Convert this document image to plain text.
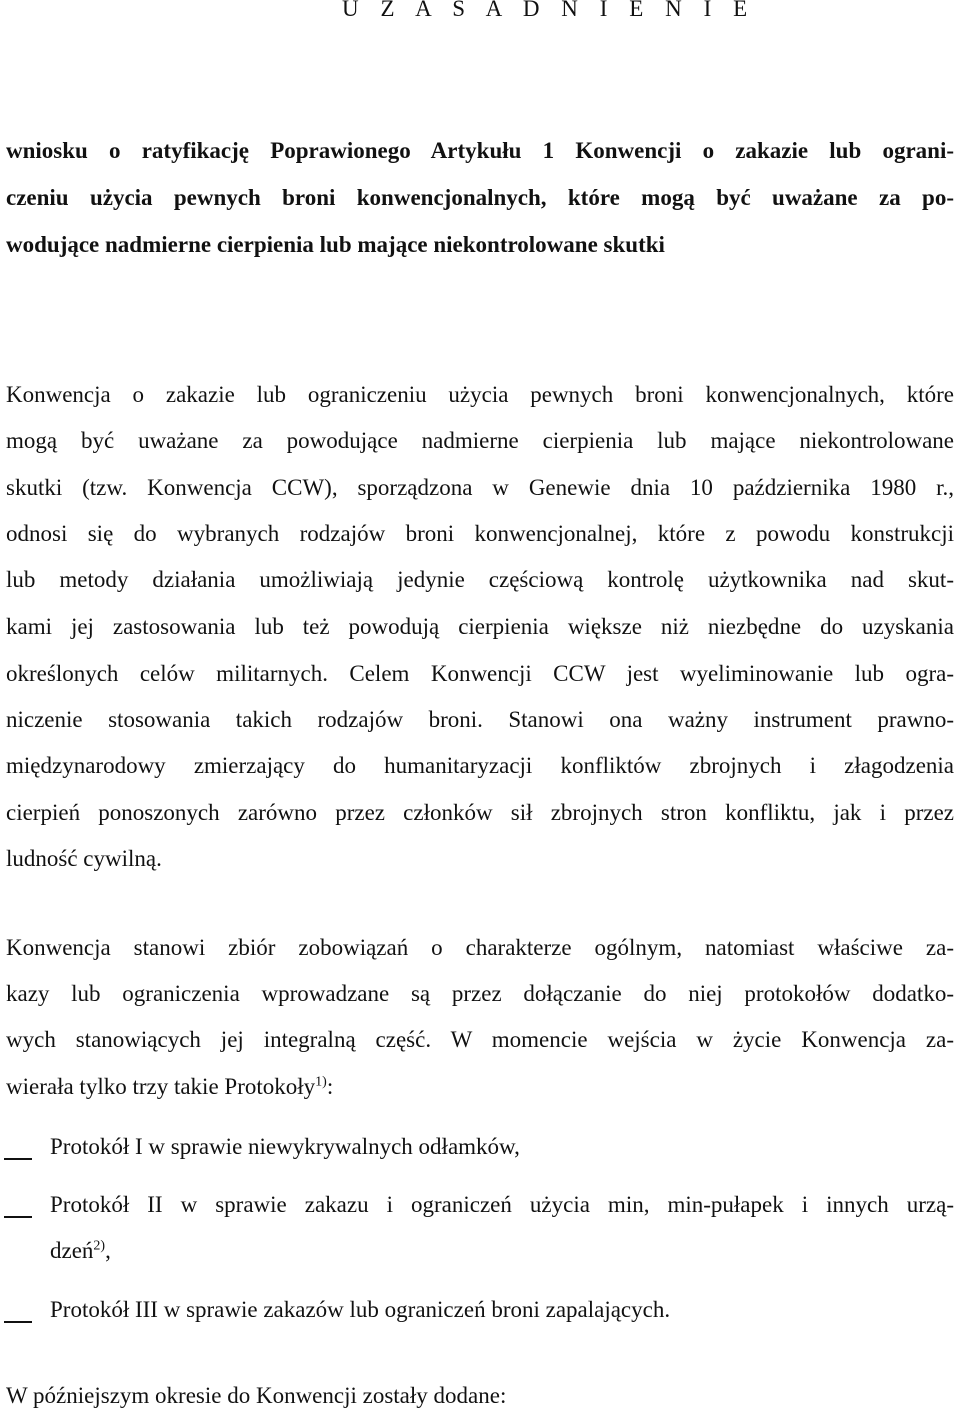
U Z A S A D N I E N I E
wniosku o ratyfikację Poprawionego Artykułu 1 Konwencji o zakazie lub ograni-
czeniu użycia pewnych broni konwencjonalnych, które mogą być uważane za po-
wodujące nadmierne cierpienia lub mające niekontrolowane skutki
Konwencja o zakazie lub ograniczeniu użycia pewnych broni konwencjonalnych, które
mogą być uważane za powodujące nadmierne cierpienia lub mające niekontrolowane
skutki (tzw. Konwencja CCW), sporządzona w Genewie dnia 10 października 1980 r.,
odnosi się do wybranych rodzajów broni konwencjonalnej, które z powodu konstrukcji
lub metody działania umożliwiają jedynie częściową kontrolę użytkownika nad skut-
kami jej zastosowania lub też powodują cierpienia większe niż niezbędne do uzyskania
określonych celów militarnych. Celem Konwencji CCW jest wyeliminowanie lub ogra-
niczenie stosowania takich rodzajów broni. Stanowi ona ważny instrument prawno-
międzynarodowy zmierzający do humanitaryzacji konfliktów zbrojnych i złagodzenia
cierpień ponoszonych zarówno przez członków sił zbrojnych stron konfliktu, jak i przez
ludność cywilną.
Konwencja stanowi zbiór zobowiązań o charakterze ogólnym, natomiast właściwe za-
kazy lub ograniczenia wprowadzane są przez dołączanie do niej protokołów dodatko-
wych stanowiących jej integralną część. W momencie wejścia w życie Konwencja za-
wierała tylko trzy takie Protokoły$^{1)}$:
Protokół I w sprawie niewykrywalnych odłamków,
Protokół II w sprawie zakazu i ograniczeń użycia min, min-pułapek i innych urzą-
dzeń$^{2)}$,
Protokół III w sprawie zakazów lub ograniczeń broni zapalających.
W późniejszym okresie do Konwencji zostały dodane:
